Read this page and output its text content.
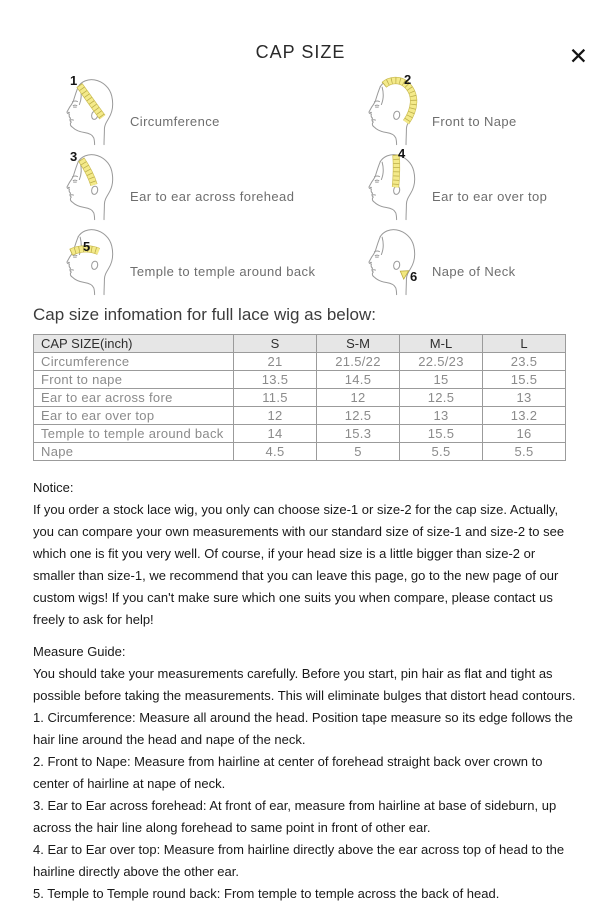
✕
CAP SIZE
1
Circumference
2
Front to Nape
3
Ear to ear across forehead
4
Ear to ear over top
5
Temple to temple around back	6 Nape of Neck
Cap size infomation for full lace wig as below:
CAP SIZE(inch)	S	S-M	M-L	L
Circumference	21	21.5/22	22.5/23	23.5
Front to nape	13.5	14.5	15	15.5
Ear to ear across fore	11.5	12	12.5	13
Ear to ear over top	12	12.5	13	13.2
Temple to temple around back	14	15.3	15.5	16
Nape	4.5	5	5.5	5.5

Notice:

If you order a stock lace wig, you only can choose size-1 or size-2 for the cap size. Actually, you can compare your own measurements with our standard size of size-1 and size-2 to see which one is fit you very well. Of course, if your head size is a little bigger than size-2 or smaller than size-1, we recommend that you can leave this page, go to the new page of our custom wigs! If you can't make sure which one suits you when compare, please contact us freely to ask for help!

Measure Guide:

You should take your measurements carefully. Before you start, pin hair as flat and tight as possible before taking the measurements. This will eliminate bulges that distort head contours.

1. Circumference: Measure all around the head. Position tape measure so its edge follows the hair line around the head and nape of the neck.

2. Front to Nape: Measure from hairline at center of forehead straight back over crown to center of hairline at nape of neck.

3. Ear to Ear across forehead: At front of ear, measure from hairline at base of sideburn, up across the hair line along forehead to same point in front of other ear.

4. Ear to Ear over top: Measure from hairline directly above the ear across top of head to the hairline directly above the other ear.

5. Temple to Temple round back: From temple to temple across the back of head.
